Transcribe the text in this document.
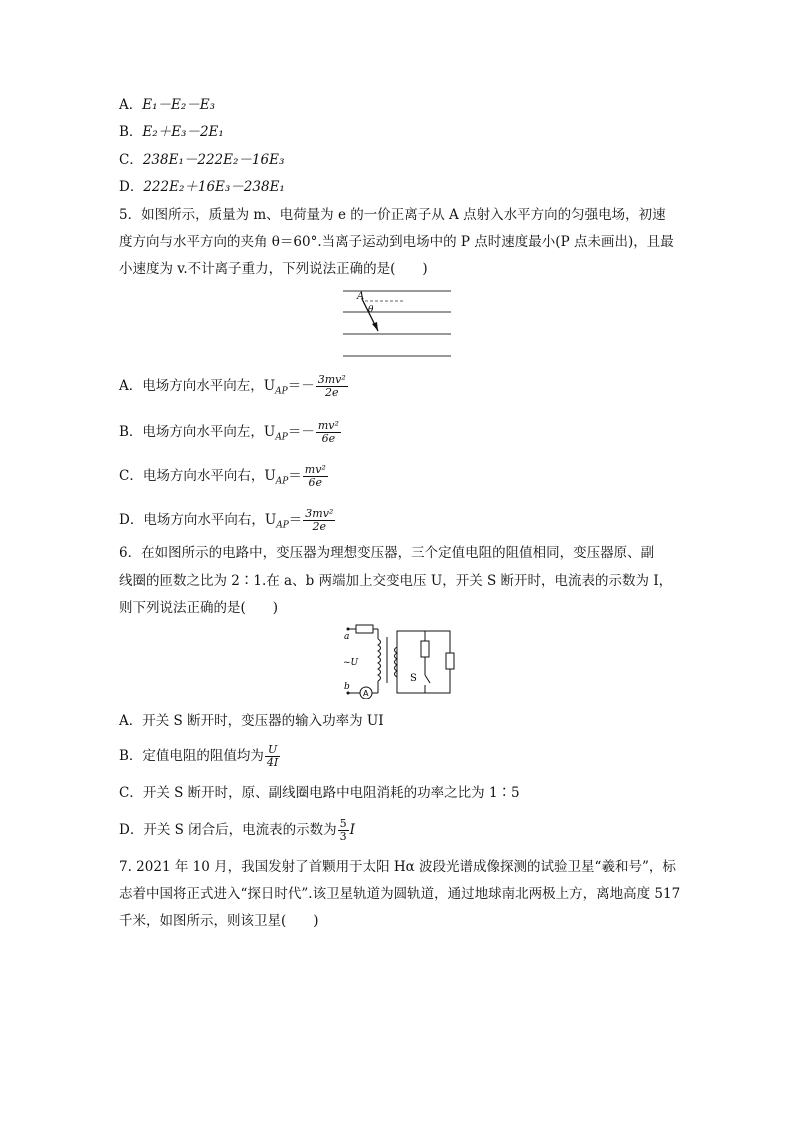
A．E₁－E₂－E₃
B．E₂＋E₃－2E₁
C．238E₁－222E₂－16E₃
D．222E₂＋16E₃－238E₁
5．如图所示，质量为 m、电荷量为 e 的一价正离子从 A 点射入水平方向的匀强电场，初速
度方向与水平方向的夹角 θ＝60°.当离子运动到电场中的 P 点时速度最小(P 点未画出)，且最
小速度为 v.不计离子重力，下列说法正确的是(　　)
A
θ
A．电场方向水平向左，$U_{AP}=- \frac{\text{3mv²}}{2e}$
B．电场方向水平向左，$U_{AP}=- \frac{\text{mv²}}{6e}$
C．电场方向水平向右，$U_{AP}= \frac{\text{mv²}}{6e}$
D．电场方向水平向右，$U_{AP}= \frac{\text{3mv²}}{2e}$
6．在如图所示的电路中，变压器为理想变压器，三个定值电阻的阻值相同，变压器原、副
线圈的匝数之比为 2∶1.在 a、b 两端加上交变电压 U，开关 S 断开时，电流表的示数为 I，
则下列说法正确的是(　　)
A
a
~U
b
S
A．开关 S 断开时，变压器的输入功率为 UI
B．定值电阻的阻值均为 $\frac{U}{4I}$
C．开关 S 断开时，原、副线圈电路中电阻消耗的功率之比为 1∶5
D．开关 S 闭合后，电流表的示数为 $\frac{5}{3}$ I
7. 2021 年 10 月，我国发射了首颗用于太阳 Hα 波段光谱成像探测的试验卫星“羲和号”，标
志着中国将正式进入“探日时代”.该卫星轨道为圆轨道，通过地球南北两极上方，离地高度 517
千米，如图所示，则该卫星(　　)
